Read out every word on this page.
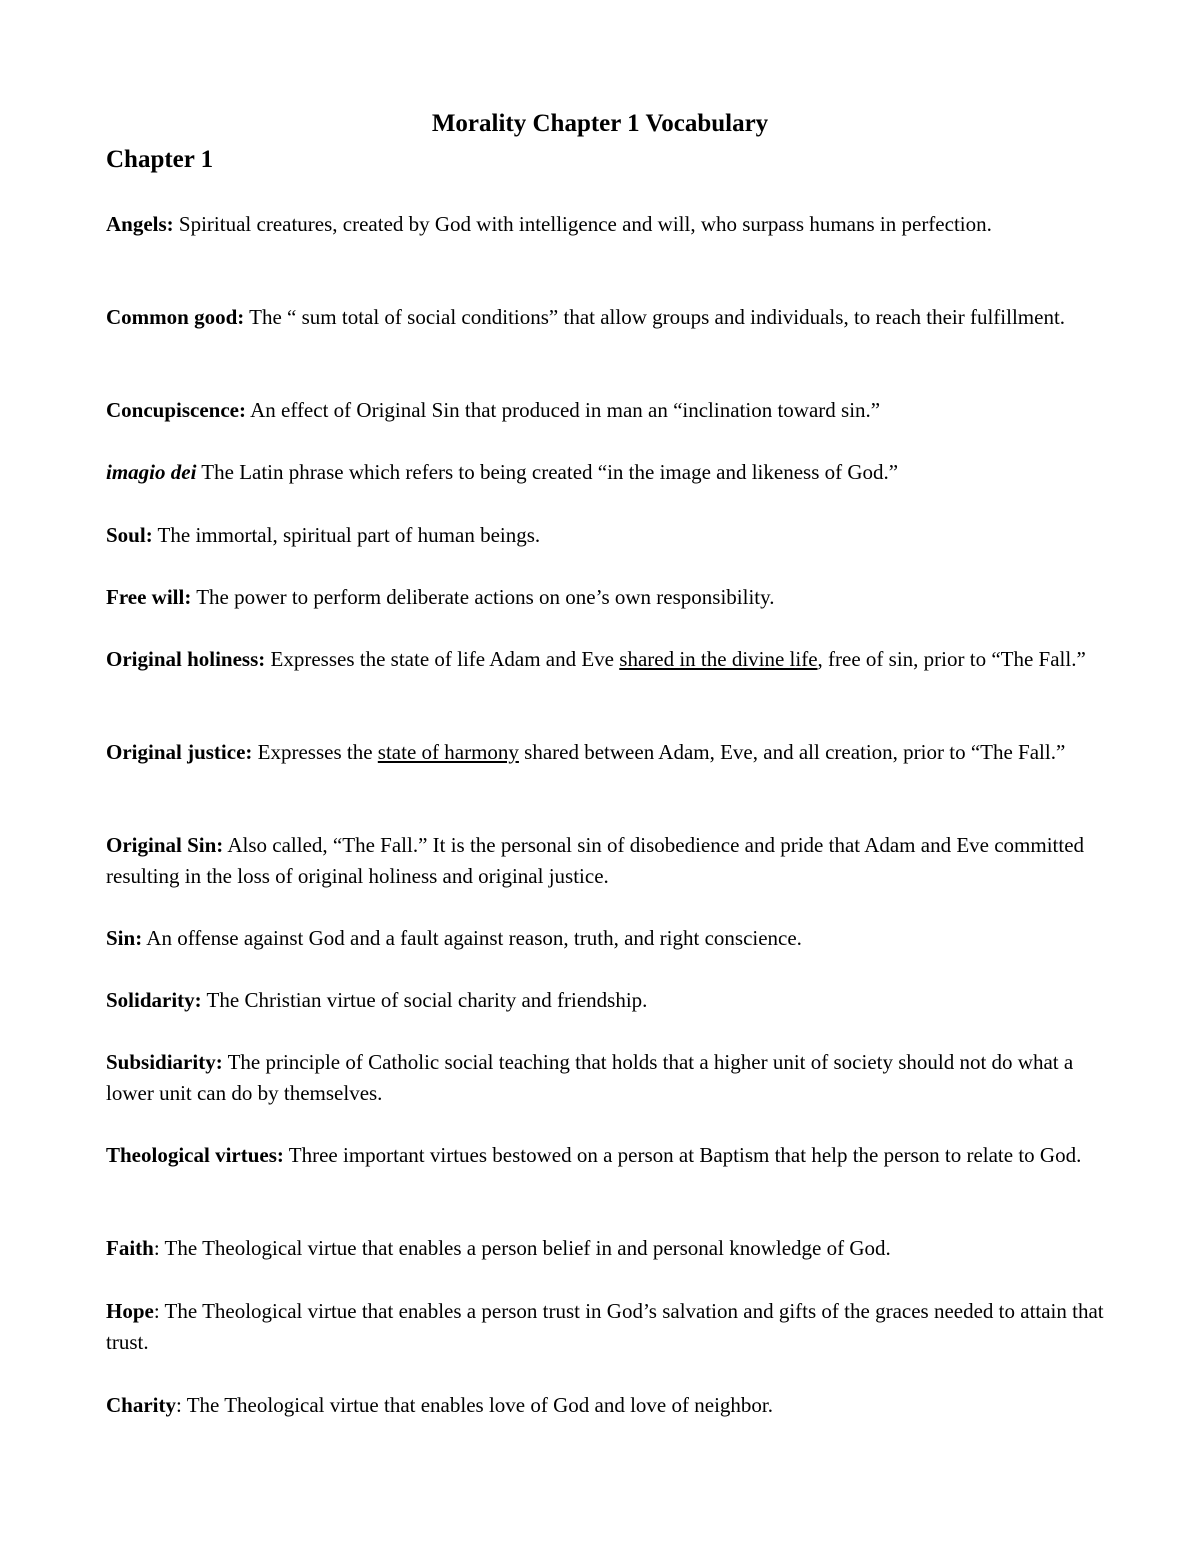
Morality Chapter 1 Vocabulary
Chapter 1

Angels: Spiritual creatures, created by God with intelligence and will, who surpass humans in perfection.

Common good: The “ sum total of social conditions” that allow groups and individuals, to reach their fulfillment.

Concupiscence: An effect of Original Sin that produced in man an “inclination toward sin.”

imagio dei The Latin phrase which refers to being created “in the image and likeness of God.”

Soul: The immortal, spiritual part of human beings.

Free will: The power to perform deliberate actions on one’s own responsibility.

Original holiness: Expresses the state of life Adam and Eve shared in the divine life, free of sin, prior to “The Fall.”

Original justice: Expresses the state of harmony shared between Adam, Eve, and all creation, prior to “The Fall.”

Original Sin: Also called, “The Fall.” It is the personal sin of disobedience and pride that Adam and Eve committed resulting in the loss of original holiness and original justice.

Sin: An offense against God and a fault against reason, truth, and right conscience.

Solidarity: The Christian virtue of social charity and friendship.

Subsidiarity: The principle of Catholic social teaching that holds that a higher unit of society should not do what a lower unit can do by themselves.

Theological virtues: Three important virtues bestowed on a person at Baptism that help the person to relate to God.

Faith: The Theological virtue that enables a person belief in and personal knowledge of God.

Hope: The Theological virtue that enables a person trust in God’s salvation and gifts of the graces needed to attain that trust.

Charity: The Theological virtue that enables love of God and love of neighbor.
